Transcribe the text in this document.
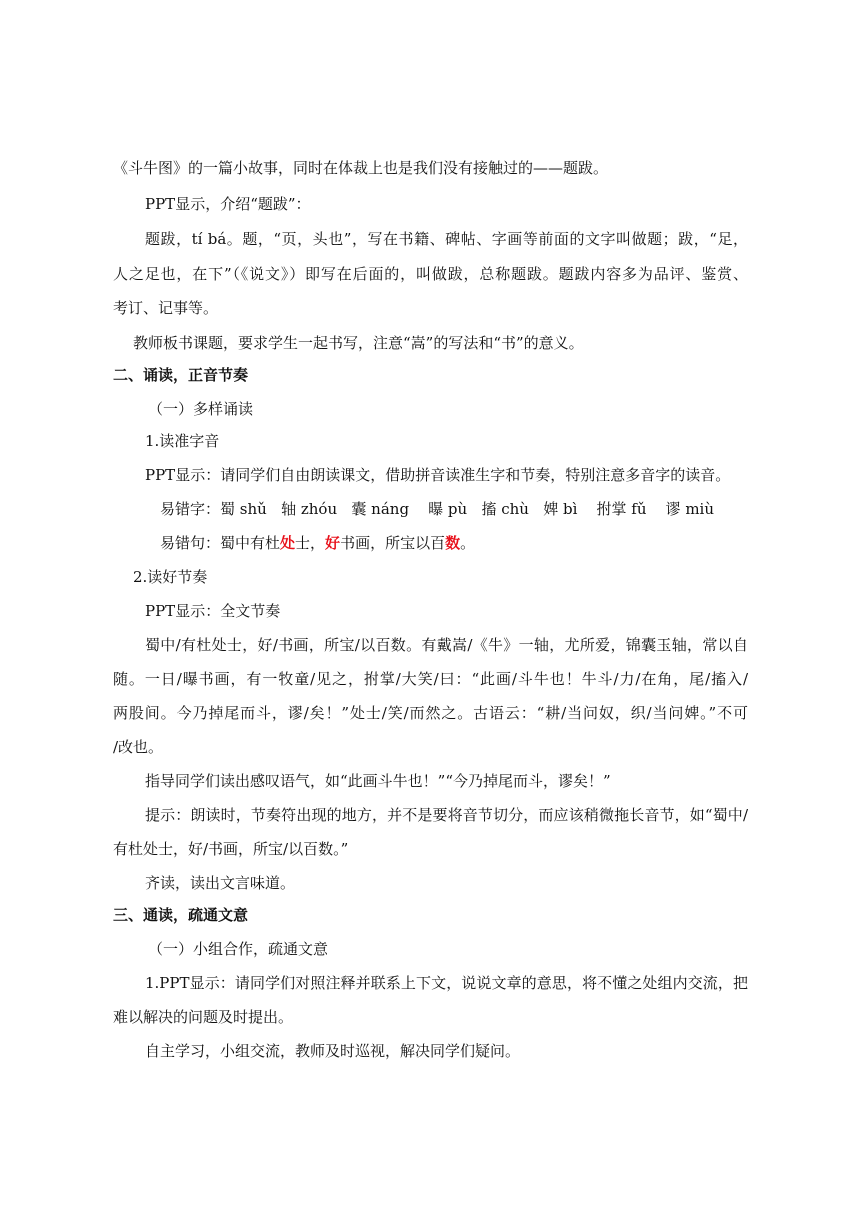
《斗牛图》的一篇小故事，同时在体裁上也是我们没有接触过的——题跋。
PPT显示，介绍“题跋”：
题跋，tí bá。题，“页，头也”，写在书籍、碑帖、字画等前面的文字叫做题；跋，“足，
人之足也，在下”（《说文》）即写在后面的，叫做跋，总称题跋。题跋内容多为品评、鉴赏、
考订、记事等。
教师板书课题，要求学生一起书写，注意“嵩”的写法和“书”的意义。
二、诵读，正音节奏
（一）多样诵读
1.读准字音
PPT显示：请同学们自由朗读课文，借助拼音读准生字和节奏，特别注意多音字的读音。
易错字：蜀 shǔ   轴 zhóu   囊 náng    曝 pù   搐 chù   婢 bì    拊掌 fǔ    谬 miù
易错句：蜀中有杜处士，好书画，所宝以百数。
2.读好节奏
PPT显示：全文节奏
蜀中/有杜处士，好/书画，所宝/以百数。有戴嵩/《牛》一轴，尤所爱，锦囊玉轴，常以自
随。一日/曝书画，有一牧童/见之，拊掌/大笑/曰：“此画/斗牛也！牛斗/力/在角，尾/搐入/
两股间。今乃掉尾而斗，谬/矣！”处士/笑/而然之。古语云：“耕/当问奴，织/当问婢。”不可
/改也。
指导同学们读出感叹语气，如“此画斗牛也！”“今乃掉尾而斗，谬矣！”
提示：朗读时，节奏符出现的地方，并不是要将音节切分，而应该稍微拖长音节，如“蜀中/
有杜处士，好/书画，所宝/以百数。”
齐读，读出文言味道。
三、通读，疏通文意
（一）小组合作，疏通文意
1.PPT显示：请同学们对照注释并联系上下文，说说文章的意思，将不懂之处组内交流，把
难以解决的问题及时提出。
自主学习，小组交流，教师及时巡视，解决同学们疑问。
